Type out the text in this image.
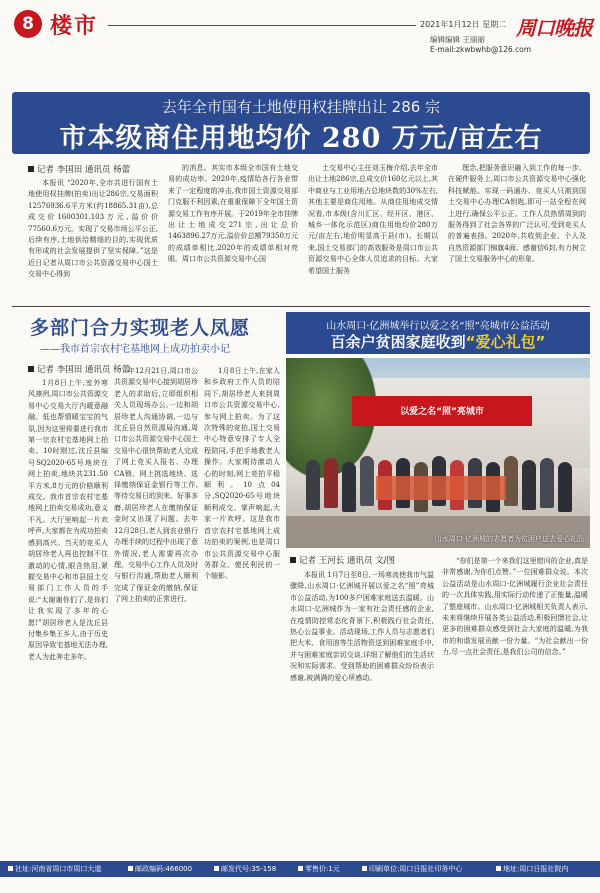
8 楼市	2021年1月12日 星期二 周口晚报
编辑编辑 王丽丽
E-mail:zkwbwhb@126.com
去年全市国有土地使用权挂牌出让 286 宗
市本级商住用地均价 280 万元/亩左右
记者 李国田 通讯员 杨蕾
本报讯 “2020年,全市共进行国有土地使用权挂牌(拍卖)出让286宗,交易面积12576936.6平方米(约18865.31亩),总成交价1600301.103万元,溢价价77560.6万元。实现了交易市场公平公正,后续有序,土地供给精细的目的,实现优质有形成的社会发展提供了坚实保障。”这是近日记者从周口市公共资源交易中心国土交易中心得到
的消息。其实市本级全市国有土地交易的成功率。2020年,疫情给各行各业带来了一定程度的冲击,我市国土资源交易部门克服不利因素,在重重保障下全年国土资源交易工作有序开展。于2019年全市挂牌出让土地成交271宗,出让总价1463896.27万元,溢价价总额79350万元的成绩单相比,2020年的成绩单相对亮眼。周口市公共资源交易中心国
土交易中心主任刘玉梅介绍,去年全市出让土地286宗,总成交价160亿元以上,其中商业与工业用地占总地块数的30%左右,其他主要是商住用地。从商住用地成交情况看,市本级(含川汇区、经开区、港区、城乡一体化示范区)商住用地均价280万元/亩左右,地价明显高于县(市)。长期以来,国土交易部门的高效服务是周口市公共资源交易中心全体人员追求的目标。大家希望国土服务
理念,把服务意识融入到工作的每一步。在硬件服务上,周口市公共资源交易中心强化科技赋能。实现一码通办、竞买人只需到国土交易中心办理CA钥匙,即可一站全程在网上进行,确保公平公正。工作人员热情周到的服务得到了社会各界的广泛认可,受到竞买人的普遍表扬。2020年,共收到企业、个人及自然资源部门锦旗4面、感谢信6封,有力树立了国土交易服务中心的形象。
多部门合力实现老人凤愿
——我市首宗农村宅基地网上成功拍卖小记
记者 李国田 通讯员 杨蕾
1月8日上午,室外寒风凛冽,周口市公共资源交易中心交易大厅内暖意融融。低也帮情暖宝宝的气氛,因为这里将要进行我市第一宗农村宅基地网上拍卖。10时刚过,沈丘县编号SQ2020-65号地块在网上拍卖,地块共231.50平方米,8万元的价格顺利成交。我市首宗农村宅基地网上拍卖交易成功,意义不凡。大厅里响起一片欢呼声,大家都在为成功拍卖感到高兴。当天的竞买人胡居珍老人再也控制不住激动的心情,眼含热泪,紧握交易中心和市县国土交易部门工作人员的手说:“太谢谢你们了,是你们让我实现了多年的心愿!”胡居珍老人是沈丘县付集乡集王乡人,由于历史原因导致宅基地无法办理,老人为此奔走多年。
年12月21日,周口市公共资源交易中心接到胡居珍老人的求助后,立即组织相关人员现场办公,一边和胡居珍老人沟通协调,一边与沈丘县自然资源局沟通,周口市公共资源交易中心国土交易中心很快帮助老人完成了网上竞买人报名、办理CA锁、网上挑选地块、选择缴纳保证金银行等工作,等待交易日的到来。好事多磨,胡居珍老人在缴纳保证金时又出现了问题。去年12月28日,老人到农业银行办理手续的过程中出现了意外情况,老人需要再次办理。交易中心工作人员及时与银行沟通,帮助老人顺利完成了保证金的缴纳,保证了网上拍卖的正常进行。
1月8日上午,在家人和乡政府工作人员的陪同下,胡居珍老人来到周口市公共资源交易中心,参与网上拍卖。为了这次特殊的竞拍,国土交易中心特意安排了专人全程陪同,手把手地教老人操作。大家期待激动人心的时刻,网上竞拍平稳顺利。10点04分,SQ2020-65号地块顺利成交。掌声响起,大家一片欢呼。这是我市首宗农村宅基地网上成功拍卖的案例,也是周口市公共资源交易中心服务群众、便民利民的一个缩影。
山水周口·亿洲城举行以爱之名“照”亮城市公益活动
百余户贫困家庭收到“爱心礼包”
以爱之名“照”亮城市
山水周口·亿洲城的志愿者为贫困户送去爱心礼品
记者 王河长 通讯员 文/图
本报讯 1月7日至8日,一场寒流使我市气温骤降,山水周口·亿洲城开展以爱之名“照”亮城市公益活动,为100多户困难家庭送去温暖。山水周口·亿洲城作为一家有社会责任感的企业,在疫情防控常态化背景下,积极践行社会责任,热心公益事业。活动现场,工作人员与志愿者们把大米、食用油等生活物资送到困难家庭手中,并与困难家庭亲切交谈,详细了解他们的生活状况和实际需求。受到帮助的困难群众纷纷表示感谢,被满满的爱心所感动。
“你们是第一个来我们这里慰问的企业,真是非常感谢,为你们点赞。”一位困难群众说。本次公益活动是山水周口·亿洲城履行企业社会责任的一次具体实践,用实际行动传递了正能量,温暖了整座城市。山水周口·亿洲城相关负责人表示,未来将继续开展各类公益活动,积极回馈社会,让更多的困难群众感受到社会大家庭的温暖,为我市的和谐发展贡献一份力量。“为社会献出一份力,尽一点社会责任,是我们公司的信念。”
社址:河南省周口市周口大道	邮政编码:466000	邮发代号:35-158	零售价:1元	印刷单位:周口日报社印务中心	地址:周口日报社院内
